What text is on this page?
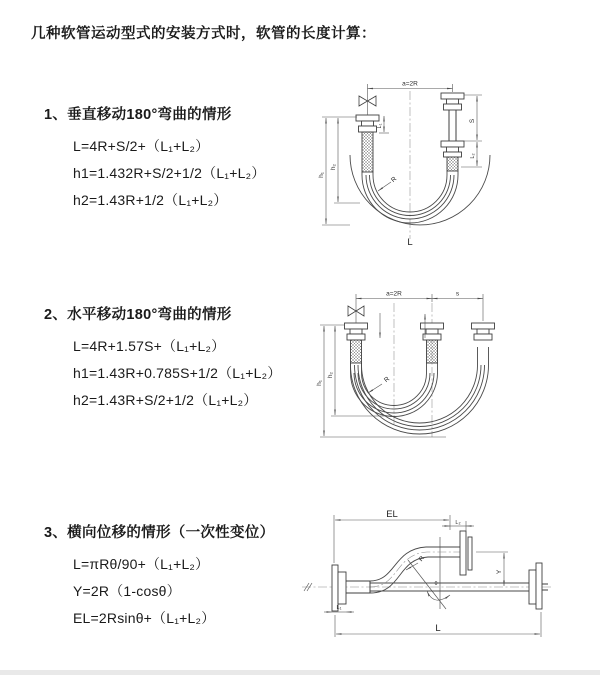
几种软管运动型式的安装方式时，软管的长度计算：
1、垂直移动180°弯曲的情形
L=4R+S/2+（L₁+L₂）
h1=1.432R+S/2+1/2（L₁+L₂）
h2=1.43R+1/2（L₁+L₂）
a=2R
S
L₂
L₁
h₁
h₂
R
L
2、水平移动180°弯曲的情形
L=4R+1.57S+（L₁+L₂）
h1=1.43R+0.785S+1/2（L₁+L₂）
h2=1.43R+S/2+1/2（L₁+L₂）
a=2R	s
h₁
h₂
R
3、横向位移的情形（一次性变位）
L=πRθ/90+（L₁+L₂）
Y=2R（1-cosθ）
EL=2Rsinθ+（L₁+L₂）
θ
EL
L₂
Y
L
L₁
R
